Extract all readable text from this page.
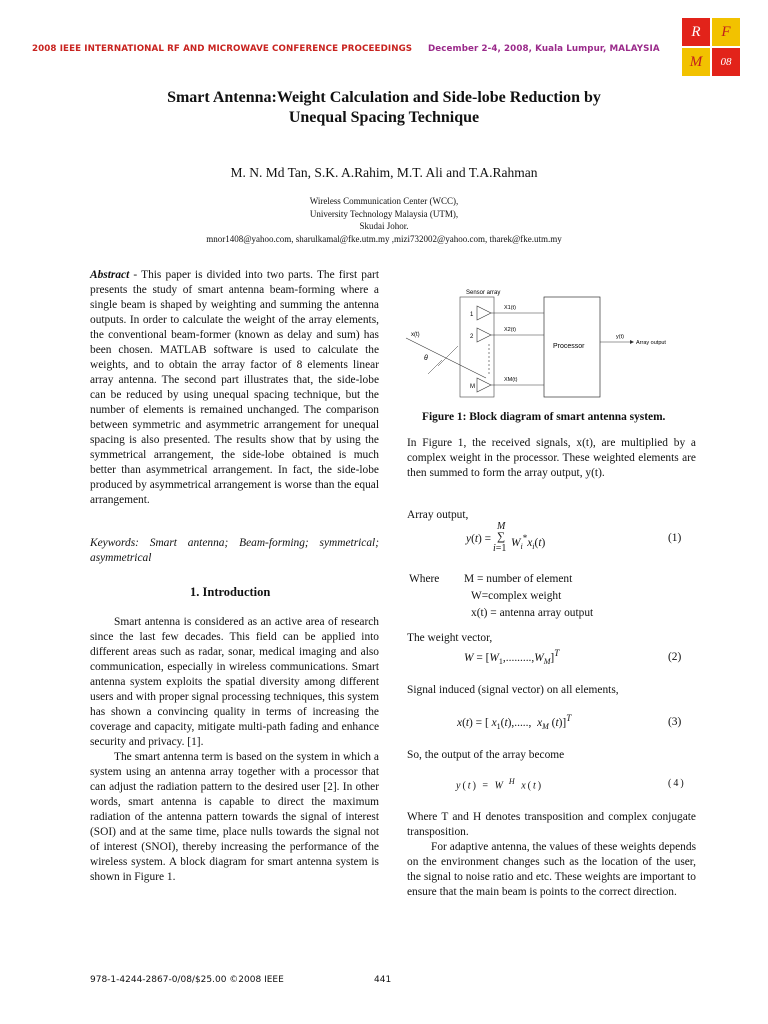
2008 IEEE INTERNATIONAL RF AND MICROWAVE CONFERENCE PROCEEDINGS December 2-4, 2008, Kuala Lumpur, MALAYSIA
R	F
M	08
Smart Antenna:Weight Calculation and Side-lobe Reduction by
Unequal Spacing Technique
M. N. Md Tan, S.K. A.Rahim, M.T. Ali and T.A.Rahman
Wireless Communication Center (WCC),
University Technology Malaysia (UTM),
Skudai Johor.
mnor1408@yahoo.com, sharulkamal@fke.utm.my ,mizi732002@yahoo.com, tharek@fke.utm.my
Abstract - This paper is divided into two parts. The first part presents the study of smart antenna beam-forming where a single beam is shaped by weighting and summing the antenna outputs. In order to calculate the weight of the array elements, the conventional beam-former (known as delay and sum) has been chosen. MATLAB software is used to calculate the weights, and to obtain the array factor of 8 elements linear array antenna. The second part illustrates that, the side-lobe can be reduced by using unequal spacing technique, but the number of elements is remained unchanged. The comparison between symmetric and asymmetric arrangement for unequal spacing is also presented. The results show that by using the symmetrical arrangement, the side-lobe obtained is much better than asymmetrical arrangement. In fact, the side-lobe produced by asymmetrical arrangement is worse than the equal arrangement.
Keywords: Smart antenna; Beam-forming; symmetrical; asymmetrical
1. Introduction

Smart antenna is considered as an active area of research since the last few decades. This field can be applied into different areas such as radar, sonar, medical imaging and also communication, especially in wireless communications. Smart antenna system exploits the spatial diversity among different users and with proper signal processing techniques, this system has shown a convincing quality in terms of increasing the coverage and capacity, mitigate multi-path fading and enhance security and privacy. [1].

The smart antenna term is based on the system in which a system using an antenna array together with a processor that can adjust the radiation pattern to the desired user [2]. In other words, smart antenna is capable to direct the maximum radiation of the antenna pattern towards the signal of interest (SOI) and at the same time, place nulls towards the signal not of interest (SNOI), thereby increasing the performance of the wireless system. A block diagram for smart antenna system is shown in Figure 1.

Sensor array
x(t)
θ
1
2
M
X1(t)
X2(t)
XM(t)
Processor
y(t)
Array output
Figure 1: Block diagram of smart antenna system.
In Figure 1, the received signals, x(t), are multiplied by a complex weight in the processor. These weighted elements are then summed to form the array output, y(t).
Array output,
y(t) =
M
∑
i=1 $W_i^*x_i(t)$	(1)
Where	M = number of element
	W=complex weight
	x(t) = antenna array output
The weight vector,
$W = [W_1,.........,W_M]^T$	(2)
Signal induced (signal vector) on all elements,
x(t) = [ $x_1(t)$,.....,  $x_M$ (t)]$^T$	(3)
So, the output of the array become
y(t) = W $^H$ x(t)	(4)

Where T and H denotes transposition and complex conjugate transposition.

For adaptive antenna, the values of these weights depends on the environment changes such as the location of the user, the signal to noise ratio and etc. These weights are important to ensure that the main beam is points to the correct direction.

978-1-4244-2867-0/08/$25.00 ©2008 IEEE	441
